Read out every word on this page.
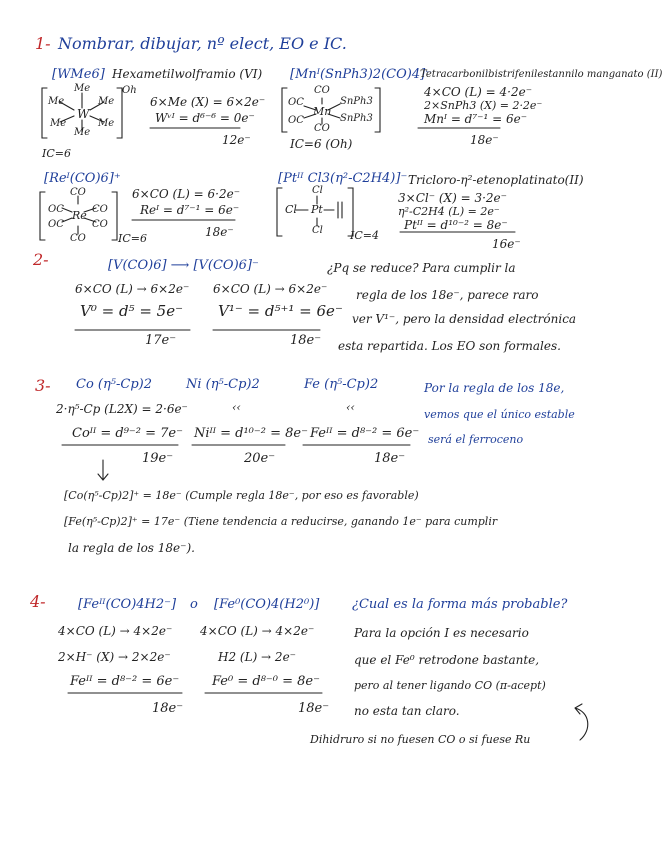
1- Nombrar, dibujar, nº elect, EO e IC.
[WMe6] Hexametilwolframio (VI)
Me	Oh
Me	Me
W
Me	Me
Me
6×Me (X) = 6×2e⁻
Wᵛᴵ = d⁶⁻⁶ = 0e⁻
12e⁻
IC=6
[Mnᴵ(SnPh3)2(CO)4]⁻
Tetracarbonilbistrifenilestannilo manganato (II)
CO
OC	SnPh3
Mn
OC	SnPh3
CO
4×CO (L) = 4·2e⁻
2×SnPh3 (X) = 2·2e⁻
Mnᴵ = d⁷⁻¹ = 6e⁻
18e⁻
IC=6 (Oh)
[Reᴵ(CO)6]⁺
CO
OC	CO
Re
OC	CO
CO
6×CO (L) = 6·2e⁻
Reᴵ = d⁷⁻¹ = 6e⁻
18e⁻
IC=6
[Ptᴵᴵ Cl3(η²-C2H4)]⁻ Tricloro-η²-etenoplatinato(II)
Cl
Cl Pt
Cl
3×Cl⁻ (X) = 3·2e⁻
η²-C2H4 (L) = 2e⁻
Ptᴵᴵ = d¹⁰⁻² = 8e⁻
16e⁻
IC=4
2-	[V(CO)6] ⟶ [V(CO)6]⁻
6×CO (L) → 6×2e⁻
V⁰ = d⁵ = 5e⁻
17e⁻
6×CO (L) → 6×2e⁻
V¹⁻ = d⁵⁺¹ = 6e⁻
18e⁻
¿Pq se reduce? Para cumplir la
regla de los 18e⁻, parece raro
ver V¹⁻, pero la densidad electrónica
esta repartida. Los EO son formales.
3- Co (η⁵-Cp)2	Ni (η⁵-Cp)2	Fe (η⁵-Cp)2
2·η⁵-Cp (L2X) = 2·6e⁻	‹‹	‹‹
Coᴵᴵ = d⁹⁻² = 7e⁻ Niᴵᴵ = d¹⁰⁻² = 8e⁻ Feᴵᴵ = d⁸⁻² = 6e⁻
19e⁻	20e⁻	18e⁻
Por la regla de los 18e,
vemos que el único estable
será el ferroceno
[Co(η⁵-Cp)2]⁺ = 18e⁻ (Cumple regla 18e⁻, por eso es favorable)
[Fe(η⁵-Cp)2]⁺ = 17e⁻ (Tiene tendencia a reducirse, ganando 1e⁻ para cumplir
la regla de los 18e⁻).
4- [Feᴵᴵ(CO)4H2⁻] o [Fe⁰(CO)4(H2⁰)]
4×CO (L) → 4×2e⁻
2×H⁻ (X) → 2×2e⁻
Feᴵᴵ = d⁸⁻² = 6e⁻
18e⁻
4×CO (L) → 4×2e⁻
H2 (L) → 2e⁻
Fe⁰ = d⁸⁻⁰ = 8e⁻
18e⁻
¿Cual es la forma más probable?
Para la opción I es necesario
que el Fe⁰ retrodone bastante,
pero al tener ligando CO (π-acept)
no esta tan claro.
Dihidruro si no fuesen CO o si fuese Ru
